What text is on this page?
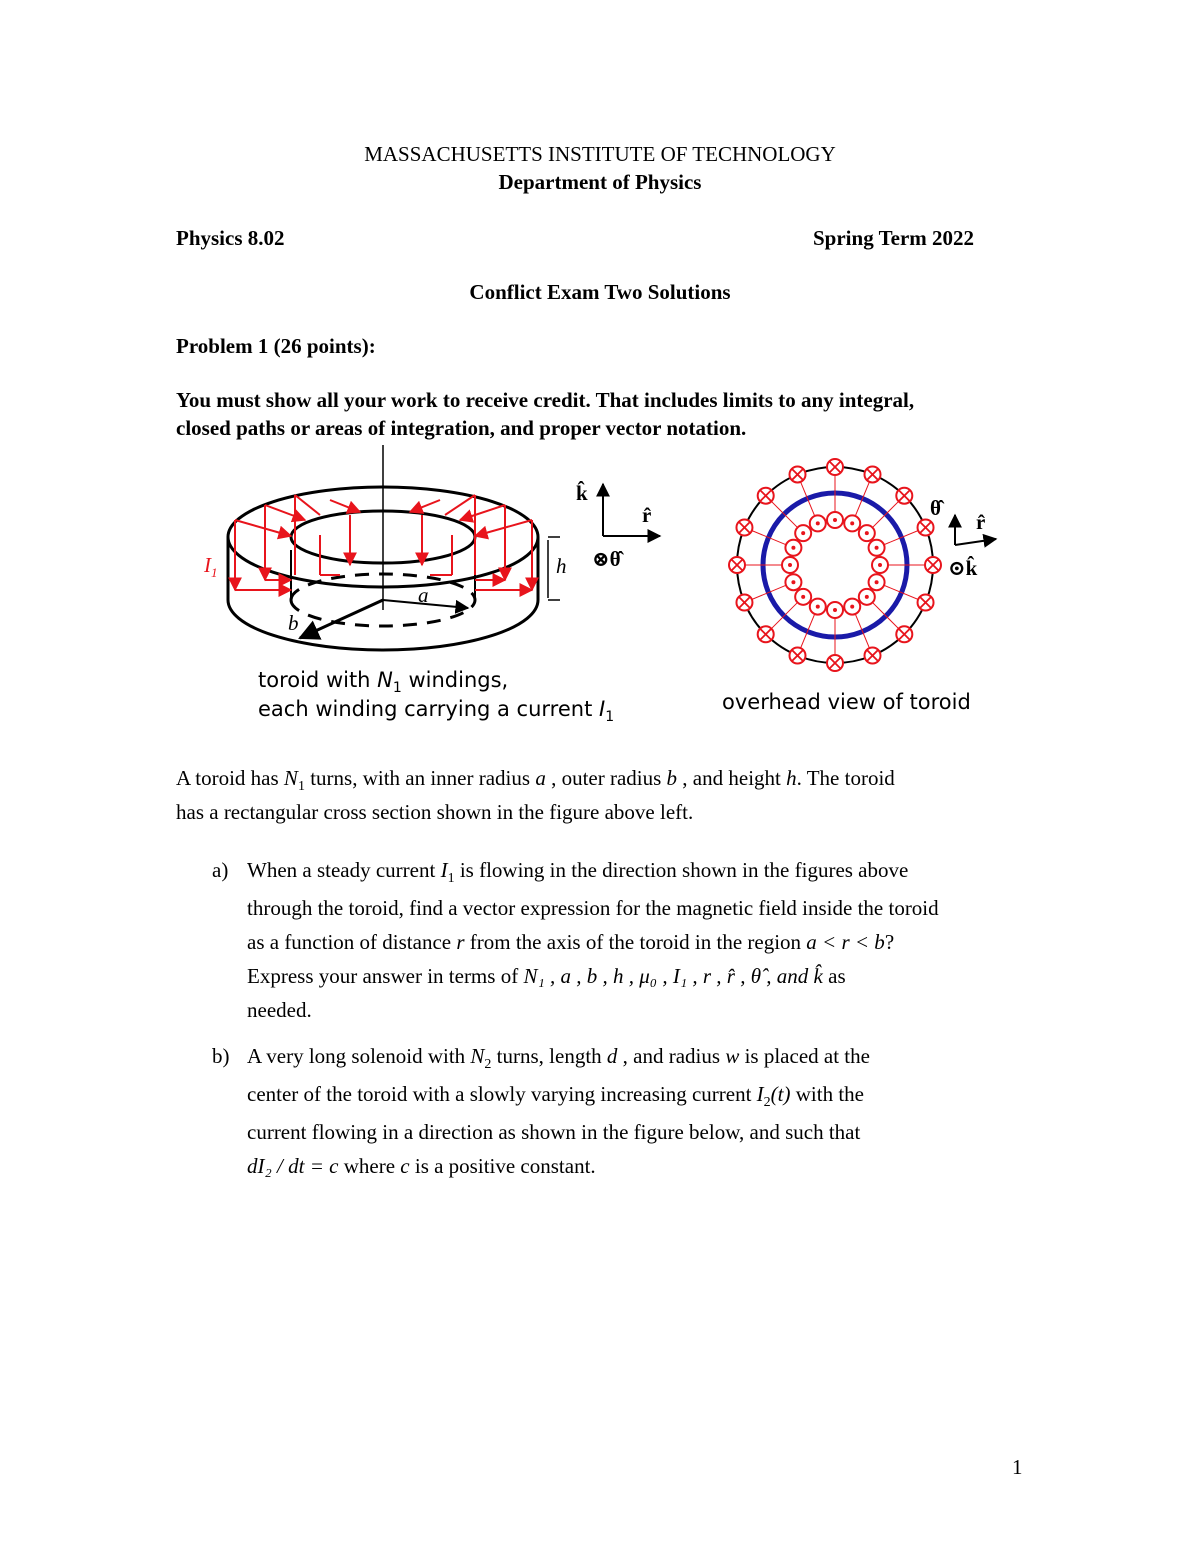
MASSACHUSETTS INSTITUTE OF TECHNOLOGY
Department of Physics
Physics 8.02	Spring Term 2022
Conflict Exam Two Solutions
Problem 1 (26 points):
You must show all your work to receive credit. That includes limits to any integral,
closed paths or areas of integration, and proper vector notation.
$I_1$	h
a
b
k̂
r̂
⊗θ̂
toroid with $N_1$ windings,
each winding carrying a current $I_1$
θ̂
r̂
⊙k̂
overhead view of toroid
A toroid has $N_1$ turns, with an inner radius a , outer radius b , and height h. The toroid
has a rectangular cross section shown in the figure above left.
a) When a steady current $I_1$ is flowing in the direction shown in the figures above
through the toroid, find a vector expression for the magnetic field inside the toroid
as a function of distance r from the axis of the toroid in the region a < r < b?
Express your answer in terms of N₁ , a , b , h , μ₀ , I₁ , r , r̂ , θ̂ , and k̂ as
needed.
b) A very long solenoid with $N_2$ turns, length d , and radius w is placed at the
center of the toroid with a slowly varying increasing current $I_2(t)$ with the
current flowing in a direction as shown in the figure below, and such that
dI₂ / dt = c where c is a positive constant.
1
